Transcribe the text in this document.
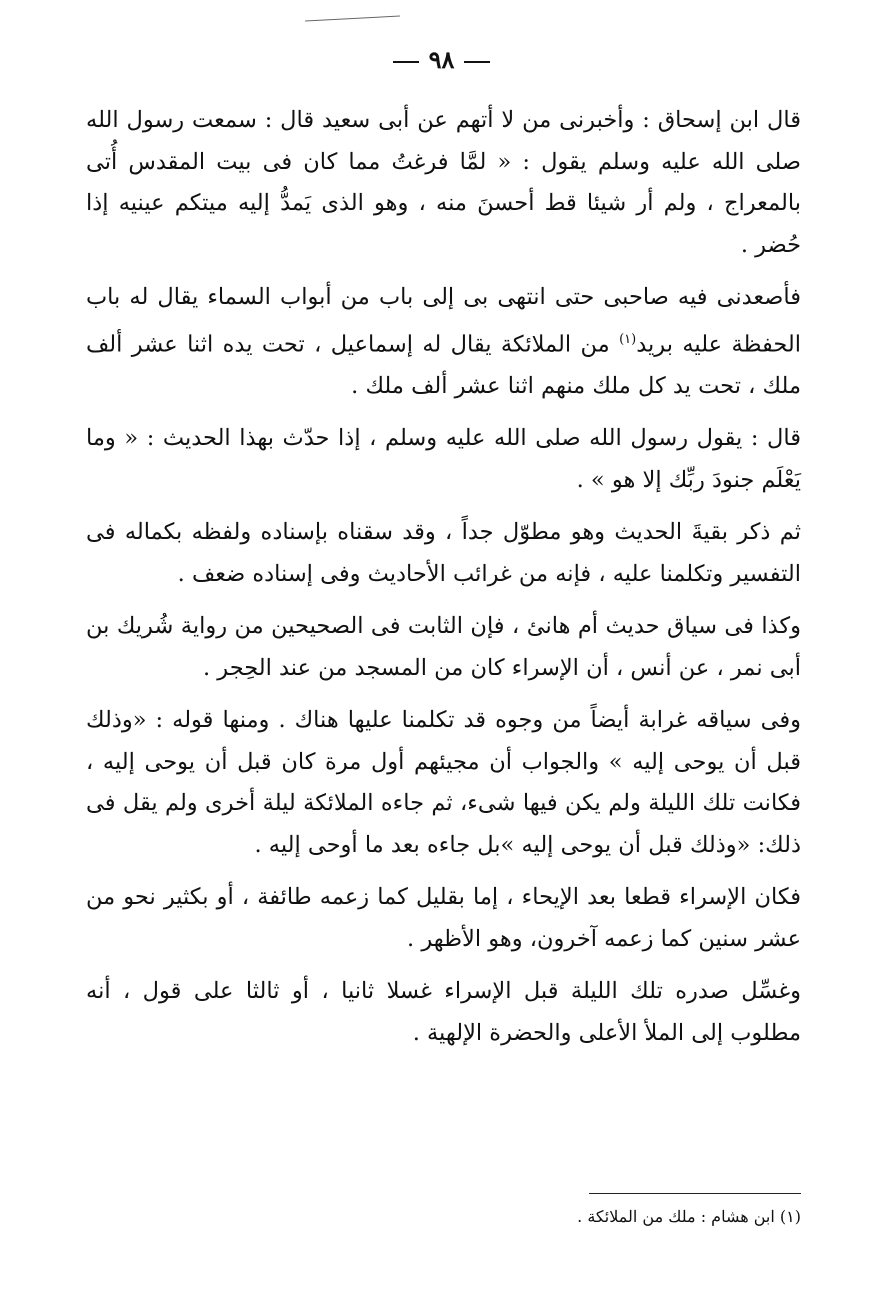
٩٨

قال ابن إسحاق : وأخبرنى من لا أتهم عن أبى سعيد قال : سمعت رسول الله صلى الله عليه وسلم يقول : « لمَّا فرغتُ مما كان فى بيت المقدس أُتى بالمعراج ، ولم أر شيئا قط أحسنَ منه ، وهو الذى يَمدُّ إليه ميتكم عينيه إذا حُضر .

فأصعدنى فيه صاحبى حتى انتهى بى إلى باب من أبواب السماء يقال له باب الحفظة عليه بريد$^{(١)}$ من الملائكة يقال له إسماعيل ، تحت يده اثنا عشر ألف ملك ، تحت يد كل ملك منهم اثنا عشر ألف ملك .

قال : يقول رسول الله صلى الله عليه وسلم ، إذا حدّث بهذا الحديث : « وما يَعْلَم جنودَ ربِّك إلا هو » .

ثم ذكر بقيةَ الحديث وهو مطوّل جداً ، وقد سقناه بإسناده ولفظه بكماله فى التفسير وتكلمنا عليه ، فإنه من غرائب الأحاديث وفى إسناده ضعف .

وكذا فى سياق حديث أم هانئ ، فإن الثابت فى الصحيحين من رواية شُريك بن أبى نمر ، عن أنس ، أن الإسراء كان من المسجد من عند الحِجر .

وفى سياقه غرابة أيضاً من وجوه قد تكلمنا عليها هناك . ومنها قوله : «وذلك قبل أن يوحى إليه » والجواب أن مجيئهم أول مرة كان قبل أن يوحى إليه ، فكانت تلك الليلة ولم يكن فيها شىء، ثم جاءه الملائكة ليلة أخرى ولم يقل فى ذلك: «وذلك قبل أن يوحى إليه »بل جاءه بعد ما أوحى إليه .

فكان الإسراء قطعا بعد الإيحاء ، إما بقليل كما زعمه طائفة ، أو بكثير نحو من عشر سنين كما زعمه آخرون، وهو الأظهر .

وغسِّل صدره تلك الليلة قبل الإسراء غسلا ثانيا ، أو ثالثا على قول ، أنه مطلوب إلى الملأ الأعلى والحضرة الإلهية .

(١) ابن هشام : ملك من الملائكة .
